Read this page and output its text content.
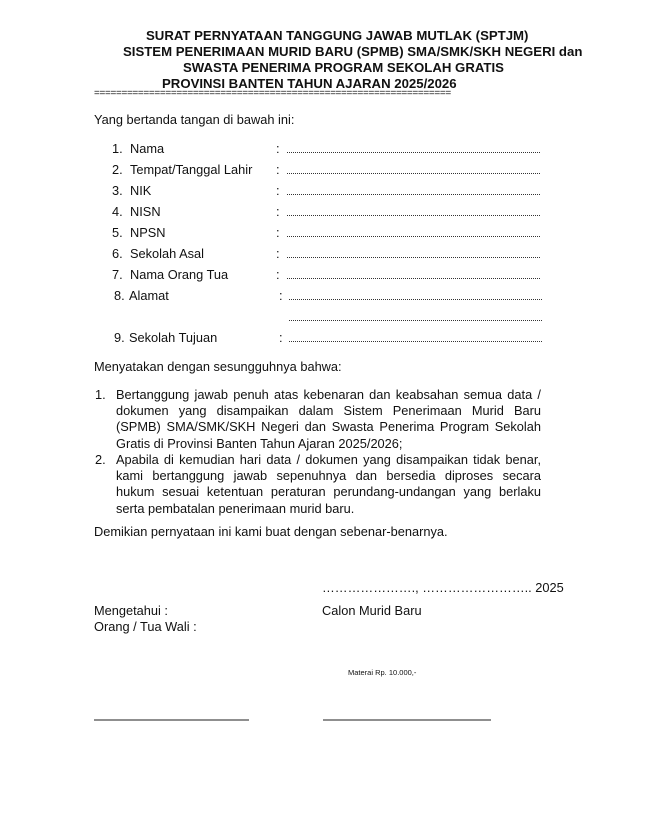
SURAT PERNYATAAN TANGGUNG JAWAB MUTLAK (SPTJM)
SISTEM PENERIMAAN MURID BARU (SPMB) SMA/SMK/SKH NEGERI dan
SWASTA PENERIMA PROGRAM SEKOLAH GRATIS
PROVINSI BANTEN TAHUN AJARAN 2025/2026
=================================================================
Yang bertanda tangan di bawah ini:
1. Nama	:
2. Tempat/Tanggal Lahir :
3. NIK	:
4. NISN	:
5. NPSN	:
6. Sekolah Asal	:
7. Nama Orang Tua	:
8. Alamat	:
9. Sekolah Tujuan	:
Menyatakan dengan sesungguhnya bahwa:
1. Bertanggung jawab penuh atas kebenaran dan keabsahan semua data / dokumen yang disampaikan dalam Sistem Penerimaan Murid Baru (SPMB) SMA/SMK/SKH Negeri dan Swasta Penerima Program Sekolah Gratis di Provinsi Banten Tahun Ajaran 2025/2026;
2. Apabila di kemudian hari data / dokumen yang disampaikan tidak benar, kami bertanggung jawab sepenuhnya dan bersedia diproses secara hukum sesuai ketentuan peraturan perundang-undangan yang berlaku serta pembatalan penerimaan murid baru.
Demikian pernyataan ini kami buat dengan sebenar-benarnya.
…………………., …………………….. 2025
Mengetahui :
Orang / Tua Wali :
Calon Murid Baru
Materai Rp. 10.000,-
